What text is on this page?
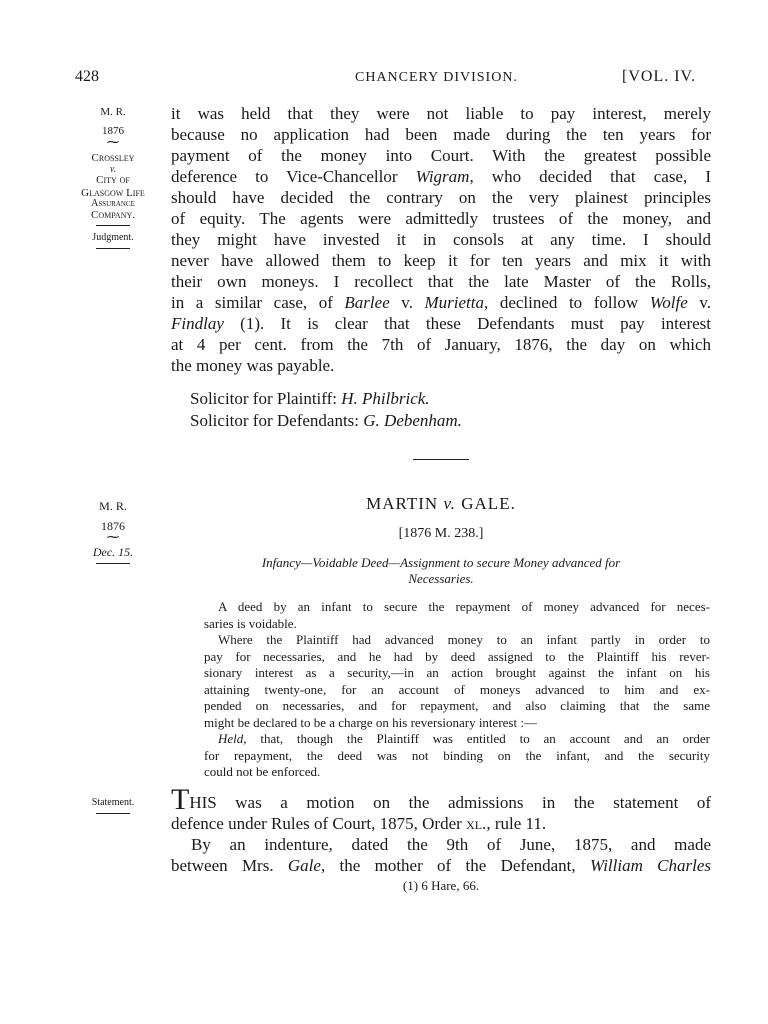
428	CHANCERY DIVISION.	[VOL. IV.
M. R.
1876
⁓
Crossley
v.
City of
Glasgow Life
Assurance
Company.
Judgment.
it was held that they were not liable to pay interest, merely
because no application had been made during the ten years for
payment of the money into Court. With the greatest possible
deference to Vice-Chancellor Wigram, who decided that case, I
should have decided the contrary on the very plainest principles
of equity. The agents were admittedly trustees of the money, and
they might have invested it in consols at any time. I should
never have allowed them to keep it for ten years and mix it with
their own moneys. I recollect that the late Master of the Rolls,
in a similar case, of Barlee v. Murietta, declined to follow Wolfe v.
Findlay (1). It is clear that these Defendants must pay interest
at 4 per cent. from the 7th of January, 1876, the day on which
the money was payable.
Solicitor for Plaintiff: H. Philbrick.
Solicitor for Defendants: G. Debenham.
M. R.
1876
⁓
Dec. 15.
MARTIN v. GALE.
[1876 M. 238.]
Infancy—Voidable Deed—Assignment to secure Money advanced for
Necessaries.
A deed by an infant to secure the repayment of money advanced for neces-
saries is voidable.
Where the Plaintiff had advanced money to an infant partly in order to
pay for necessaries, and he had by deed assigned to the Plaintiff his rever-
sionary interest as a security,—in an action brought against the infant on his
attaining twenty-one, for an account of moneys advanced to him and ex-
pended on necessaries, and for repayment, and also claiming that the same
might be declared to be a charge on his reversionary interest :—
Held, that, though the Plaintiff was entitled to an account and an order
for repayment, the deed was not binding on the infant, and the security
could not be enforced.
Statement.	THIS was a motion on the admissions in the statement of
defence under Rules of Court, 1875, Order xl., rule 11.
By an indenture, dated the 9th of June, 1875, and made
between Mrs. Gale, the mother of the Defendant, William Charles
(1) 6 Hare, 66.
